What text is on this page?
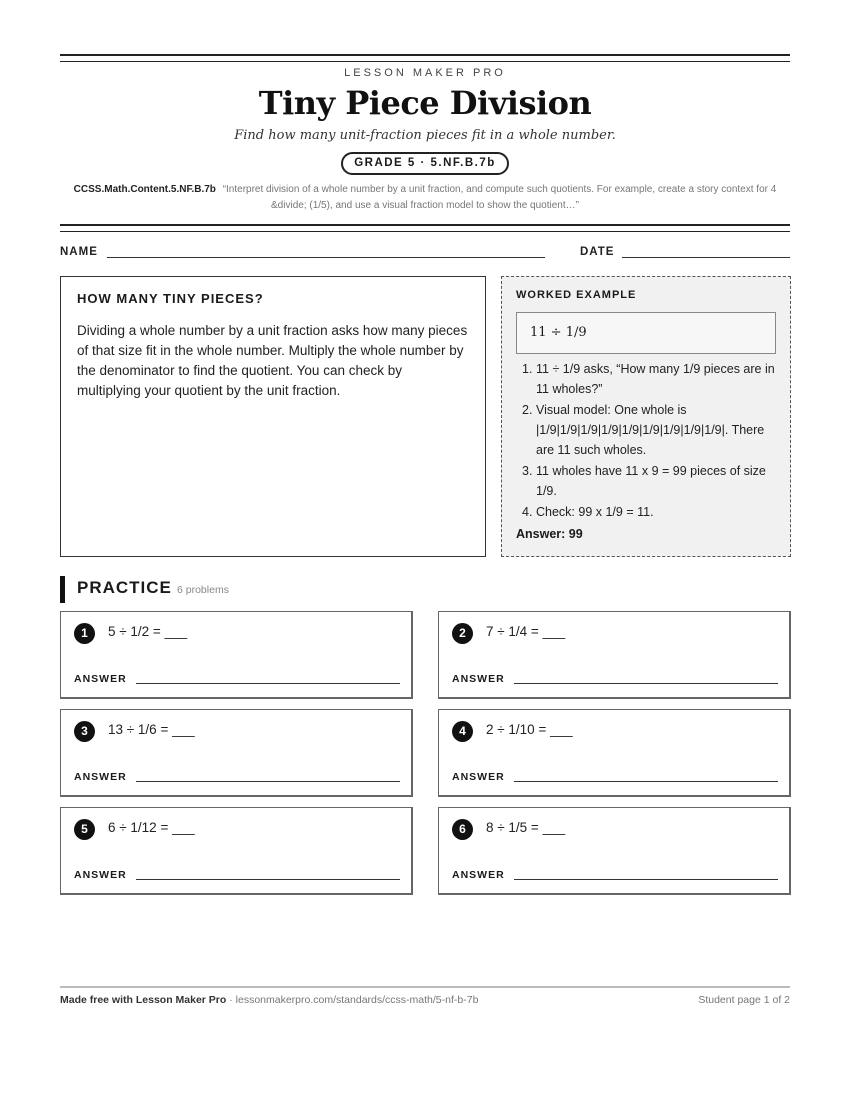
LESSON MAKER PRO
Tiny Piece Division
Find how many unit-fraction pieces fit in a whole number.
GRADE 5 · 5.NF.B.7b
CCSS.Math.Content.5.NF.B.7b “Interpret division of a whole number by a unit fraction, and compute such quotients. For example, create a story context for 4 &divide; (1/5), and use a visual fraction model to show the quotient…”
NAME	DATE
HOW MANY TINY PIECES?
Dividing a whole number by a unit fraction asks how many pieces of that size fit in the whole number. Multiply the whole number by the denominator to find the quotient. You can check by multiplying your quotient by the unit fraction.
WORKED EXAMPLE
11 ÷ 1/9
1. 11 ÷ 1/9 asks, “How many 1/9 pieces are in 11 wholes?”
2. Visual model: One whole is |1/9|1/9|1/9|1/9|1/9|1/9|1/9|1/9|1/9|. There are 11 such wholes.
3. 11 wholes have 11 x 9 = 99 pieces of size 1/9.
4. Check: 99 x 1/9 = 11.
Answer: 99
PRACTICE 6 problems
1	5 ÷ 1/2 = ___
ANSWER
2	7 ÷ 1/4 = ___
ANSWER
3	13 ÷ 1/6 = ___
ANSWER
4	2 ÷ 1/10 = ___
ANSWER
5	6 ÷ 1/12 = ___
ANSWER
6	8 ÷ 1/5 = ___
ANSWER
Made free with Lesson Maker Pro · lessonmakerpro.com/standards/ccss-math/5-nf-b-7b	Student page 1 of 2
